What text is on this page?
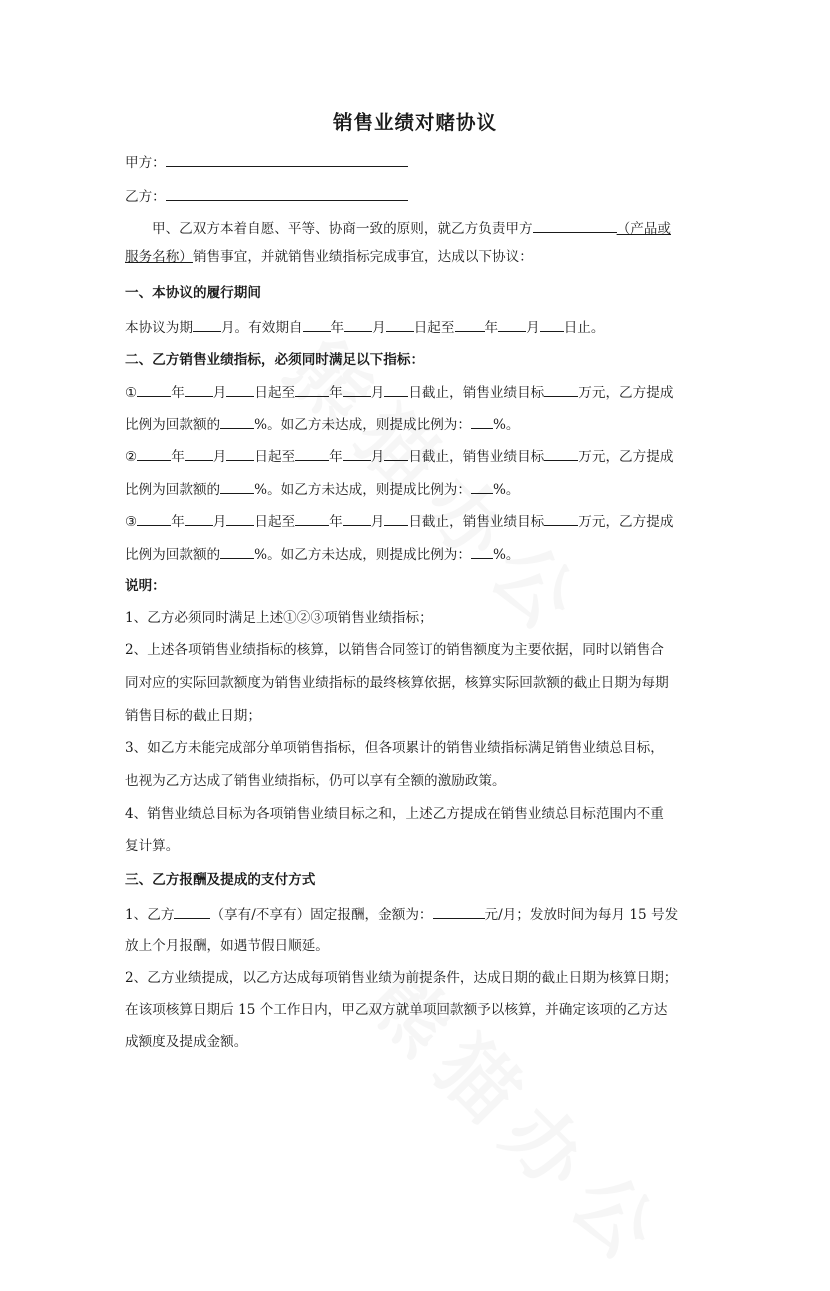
销售业绩对赌协议
甲方：
乙方：
甲、乙双方本着自愿、平等、协商一致的原则，就乙方负责甲方	（产品或
服务名称）销售事宜，并就销售业绩指标完成事宜，达成以下协议：
一、本协议的履行期间
本协议为期 月。有效期自 年 月 日起至 年 月 日止。
二、乙方销售业绩指标，必须同时满足以下指标：
①	年 月 日起至	年 月 日截止，销售业绩目标	万元，乙方提成
比例为回款额的	%。如乙方未达成，则提成比例为： %。
②	年 月 日起至	年 月 日截止，销售业绩目标	万元，乙方提成
比例为回款额的	%。如乙方未达成，则提成比例为： %。
③	年 月 日起至	年 月 日截止，销售业绩目标	万元，乙方提成
比例为回款额的	%。如乙方未达成，则提成比例为： %。
说明：
1、乙方必须同时满足上述①②③项销售业绩指标；
2、上述各项销售业绩指标的核算，以销售合同签订的销售额度为主要依据，同时以销售合
同对应的实际回款额度为销售业绩指标的最终核算依据，核算实际回款额的截止日期为每期
销售目标的截止日期；
3、如乙方未能完成部分单项销售指标，但各项累计的销售业绩指标满足销售业绩总目标，
也视为乙方达成了销售业绩指标，仍可以享有全额的激励政策。
4、销售业绩总目标为各项销售业绩目标之和，上述乙方提成在销售业绩总目标范围内不重
复计算。
三、乙方报酬及提成的支付方式
1、乙方	（享有/不享有）固定报酬，金额为：	元/月；发放时间为每月 15 号发
放上个月报酬，如遇节假日顺延。
2、乙方业绩提成，以乙方达成每项销售业绩为前提条件，达成日期的截止日期为核算日期；
在该项核算日期后 15 个工作日内，甲乙双方就单项回款额予以核算，并确定该项的乙方达
成额度及提成金额。
